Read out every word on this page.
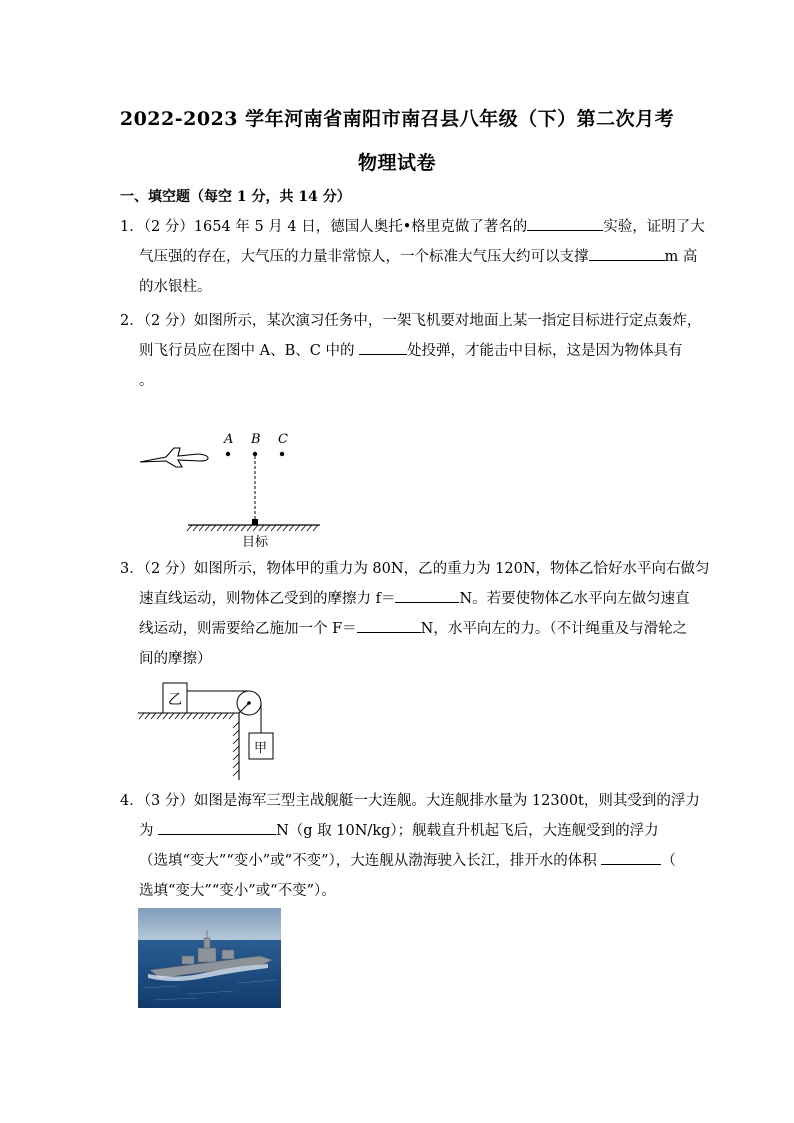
2022-2023 学年河南省南阳市南召县八年级（下）第二次月考
物理试卷
一、填空题（每空 1 分，共 14 分）
1．（2 分）1654 年 5 月 4 日，德国人奥托•格里克做了著名的	实验，证明了大
气压强的存在，大气压的力量非常惊人，一个标准大气压大约可以支撑	m 高
的水银柱。
2．（2 分）如图所示，某次演习任务中，一架飞机要对地面上某一指定目标进行定点轰炸，
则飞行员应在图中 A、B、C 中的	处投弹，才能击中目标，这是因为物体具有
。
A B C
目标
3．（2 分）如图所示，物体甲的重力为 80N，乙的重力为 120N，物体乙恰好水平向右做匀
速直线运动，则物体乙受到的摩擦力 f＝	N。若要使物体乙水平向左做匀速直
线运动，则需要给乙施加一个 F＝	N，水平向左的力。（不计绳重及与滑轮之
间的摩擦）
乙
甲
4．（3 分）如图是海军三型主战舰艇一大连舰。大连舰排水量为 12300t，则其受到的浮力
为	N（g 取 10N/kg）；舰载直升机起飞后，大连舰受到的浮力
（选填“变大”“变小”或“不变”），大连舰从渤海驶入长江，排开水的体积	（
选填“变大”“变小”或“不变”）。
